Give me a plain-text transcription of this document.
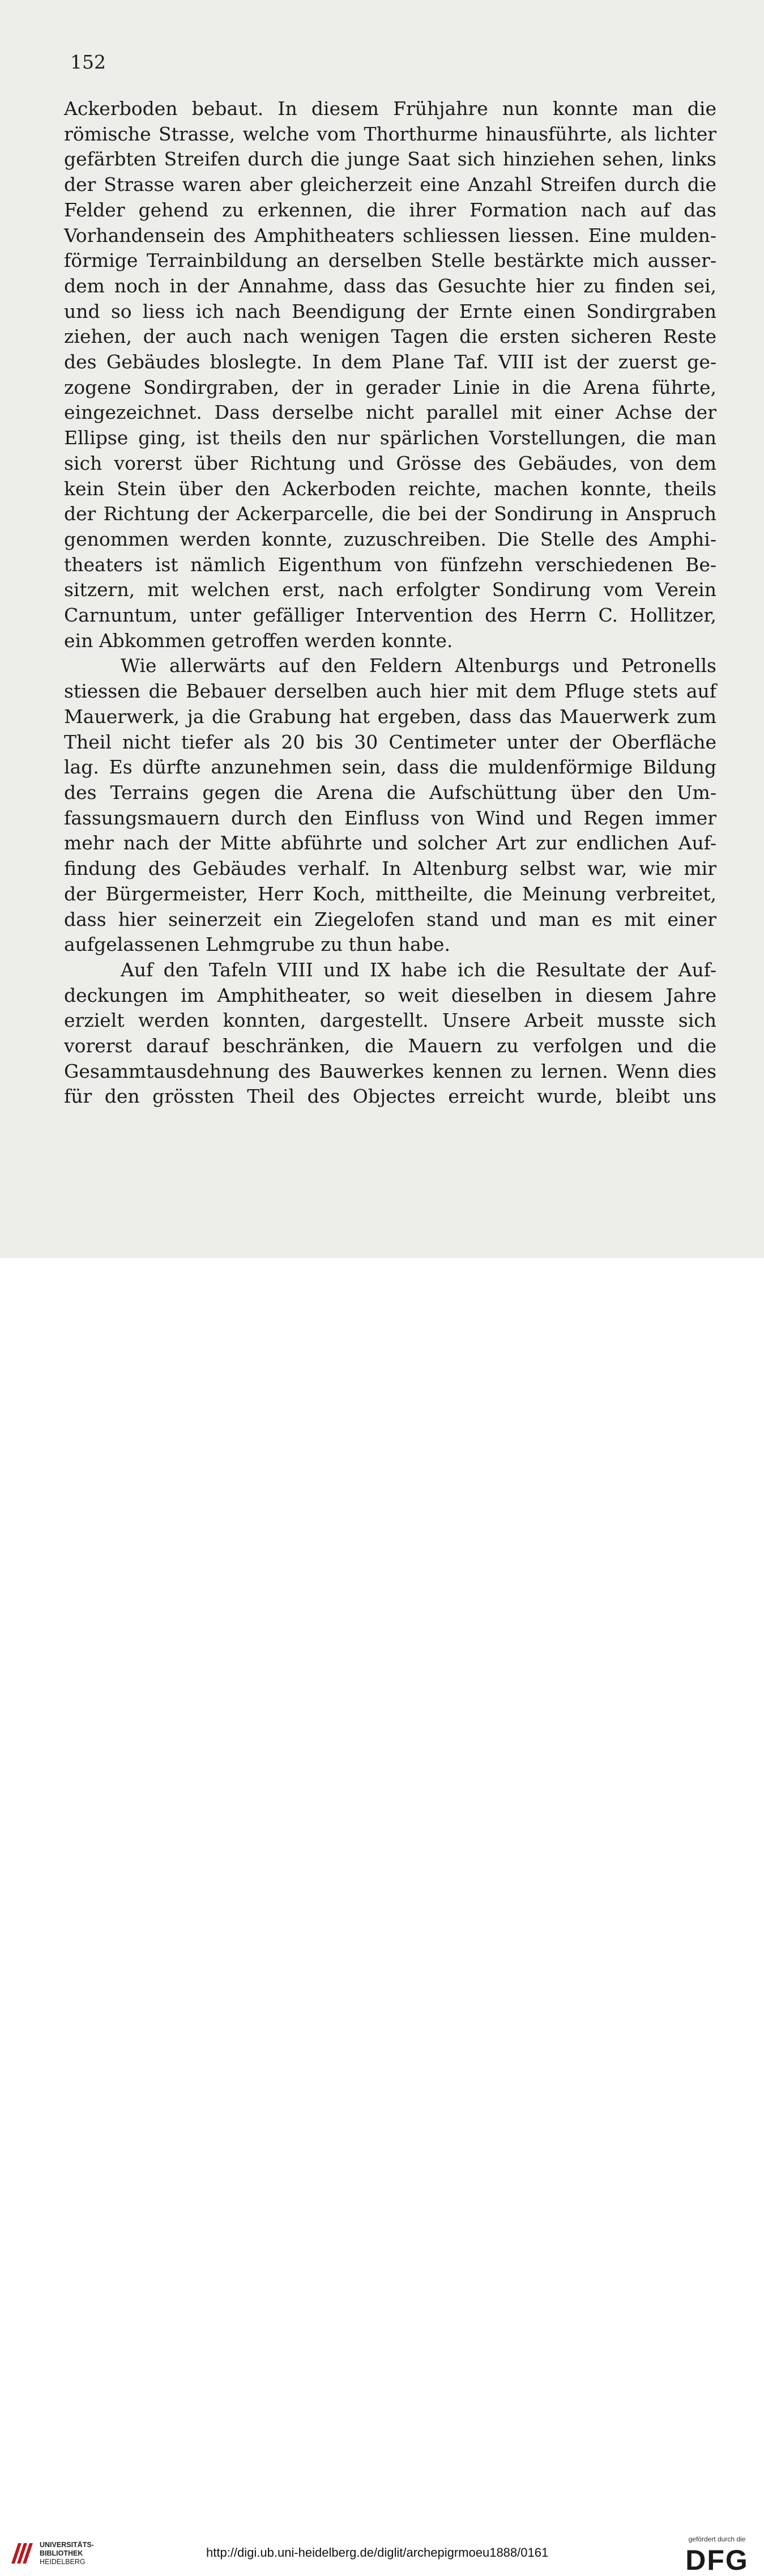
152

Ackerboden bebaut. In diesem Frühjahre nun konnte man die

römische Strasse, welche vom Thorthurme hinausführte, als lichter

gefärbten Streifen durch die junge Saat sich hinziehen sehen, links

der Strasse waren aber gleicherzeit eine Anzahl Streifen durch die

Felder gehend zu erkennen, die ihrer Formation nach auf das

Vorhandensein des Amphitheaters schliessen liessen. Eine mulden-

förmige Terrainbildung an derselben Stelle bestärkte mich ausser-

dem noch in der Annahme, dass das Gesuchte hier zu finden sei,

und so liess ich nach Beendigung der Ernte einen Sondirgraben

ziehen, der auch nach wenigen Tagen die ersten sicheren Reste

des Gebäudes bloslegte. In dem Plane Taf. VIII ist der zuerst ge-

zogene Sondirgraben, der in gerader Linie in die Arena führte,

eingezeichnet. Dass derselbe nicht parallel mit einer Achse der

Ellipse ging, ist theils den nur spärlichen Vorstellungen, die man

sich vorerst über Richtung und Grösse des Gebäudes, von dem

kein Stein über den Ackerboden reichte, machen konnte, theils

der Richtung der Ackerparcelle, die bei der Sondirung in Anspruch

genommen werden konnte, zuzuschreiben. Die Stelle des Amphi-

theaters ist nämlich Eigenthum von fünfzehn verschiedenen Be-

sitzern, mit welchen erst, nach erfolgter Sondirung vom Verein

Carnuntum, unter gefälliger Intervention des Herrn C. Hollitzer,

ein Abkommen getroffen werden konnte.

Wie allerwärts auf den Feldern Altenburgs und Petronells

stiessen die Bebauer derselben auch hier mit dem Pfluge stets auf

Mauerwerk, ja die Grabung hat ergeben, dass das Mauerwerk zum

Theil nicht tiefer als 20 bis 30 Centimeter unter der Oberfläche

lag. Es dürfte anzunehmen sein, dass die muldenförmige Bildung

des Terrains gegen die Arena die Aufschüttung über den Um-

fassungsmauern durch den Einfluss von Wind und Regen immer

mehr nach der Mitte abführte und solcher Art zur endlichen Auf-

findung des Gebäudes verhalf. In Altenburg selbst war, wie mir

der Bürgermeister, Herr Koch, mittheilte, die Meinung verbreitet,

dass hier seinerzeit ein Ziegelofen stand und man es mit einer

aufgelassenen Lehmgrube zu thun habe.

Auf den Tafeln VIII und IX habe ich die Resultate der Auf-

deckungen im Amphitheater, so weit dieselben in diesem Jahre

erzielt werden konnten, dargestellt. Unsere Arbeit musste sich

vorerst darauf beschränken, die Mauern zu verfolgen und die

Gesammtausdehnung des Bauwerkes kennen zu lernen. Wenn dies

für den grössten Theil des Objectes erreicht wurde, bleibt uns

UNIVERSITÄTS-
BIBLIOTHEK
HEIDELBERG

http://digi.ub.uni-heidelberg.de/diglit/archepigrmoeu1888/0161

gefördert durch die
DFG
